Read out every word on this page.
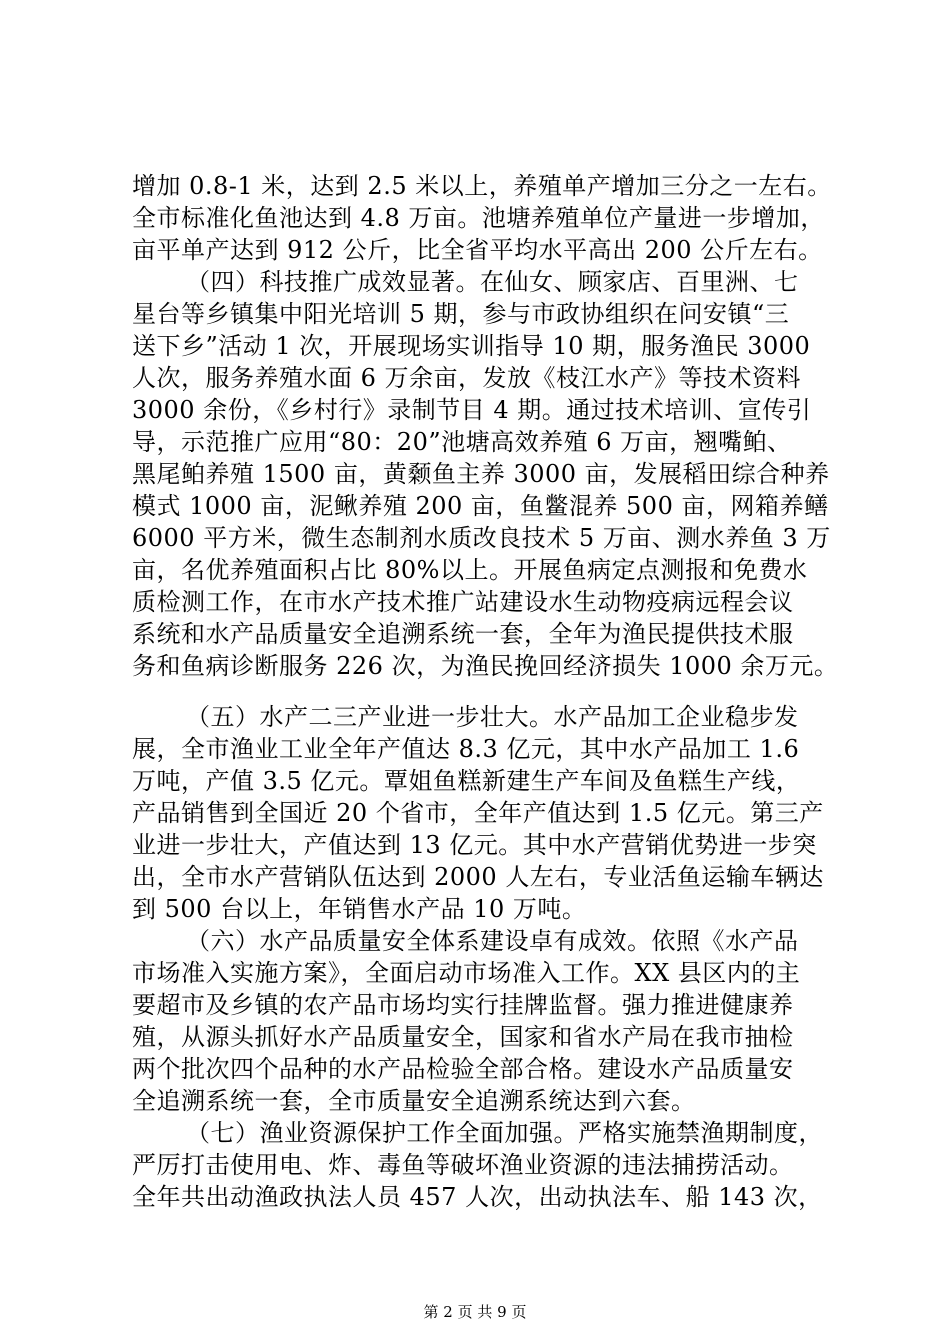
增加 0.8-1 米，达到 2.5 米以上，养殖单产增加三分之一左右。
全市标准化鱼池达到 4.8 万亩。池塘养殖单位产量进一步增加，
亩平单产达到 912 公斤，比全省平均水平高出 200 公斤左右。
（四）科技推广成效显著。在仙女、顾家店、百里洲、七
星台等乡镇集中阳光培训 5 期，参与市政协组织在问安镇“三
送下乡”活动 1 次，开展现场实训指导 10 期，服务渔民 3000
人次，服务养殖水面 6 万余亩，发放《枝江水产》等技术资料
3000 余份，《乡村行》录制节目 4 期。通过技术培训、宣传引
导，示范推广应用“80：20”池塘高效养殖 6 万亩，翘嘴鲌、
黑尾鲌养殖 1500 亩，黄颡鱼主养 3000 亩，发展稻田综合种养
模式 1000 亩，泥鳅养殖 200 亩，鱼鳖混养 500 亩，网箱养鳝
6000 平方米，微生态制剂水质改良技术 5 万亩、测水养鱼 3 万
亩，名优养殖面积占比 80%以上。开展鱼病定点测报和免费水
质检测工作，在市水产技术推广站建设水生动物疫病远程会议
系统和水产品质量安全追溯系统一套，全年为渔民提供技术服
务和鱼病诊断服务 226 次，为渔民挽回经济损失 1000 余万元。
（五）水产二三产业进一步壮大。水产品加工企业稳步发
展，全市渔业工业全年产值达 8.3 亿元，其中水产品加工 1.6
万吨，产值 3.5 亿元。覃姐鱼糕新建生产车间及鱼糕生产线，
产品销售到全国近 20 个省市，全年产值达到 1.5 亿元。第三产
业进一步壮大，产值达到 13 亿元。其中水产营销优势进一步突
出，全市水产营销队伍达到 2000 人左右，专业活鱼运输车辆达
到 500 台以上，年销售水产品 10 万吨。
（六）水产品质量安全体系建设卓有成效。依照《水产品
市场准入实施方案》，全面启动市场准入工作。XX 县区内的主
要超市及乡镇的农产品市场均实行挂牌监督。强力推进健康养
殖，从源头抓好水产品质量安全，国家和省水产局在我市抽检
两个批次四个品种的水产品检验全部合格。建设水产品质量安
全追溯系统一套，全市质量安全追溯系统达到六套。
（七）渔业资源保护工作全面加强。严格实施禁渔期制度，
严厉打击使用电、炸、毒鱼等破坏渔业资源的违法捕捞活动。
全年共出动渔政执法人员 457 人次，出动执法车、船 143 次，
第 2 页 共 9 页
